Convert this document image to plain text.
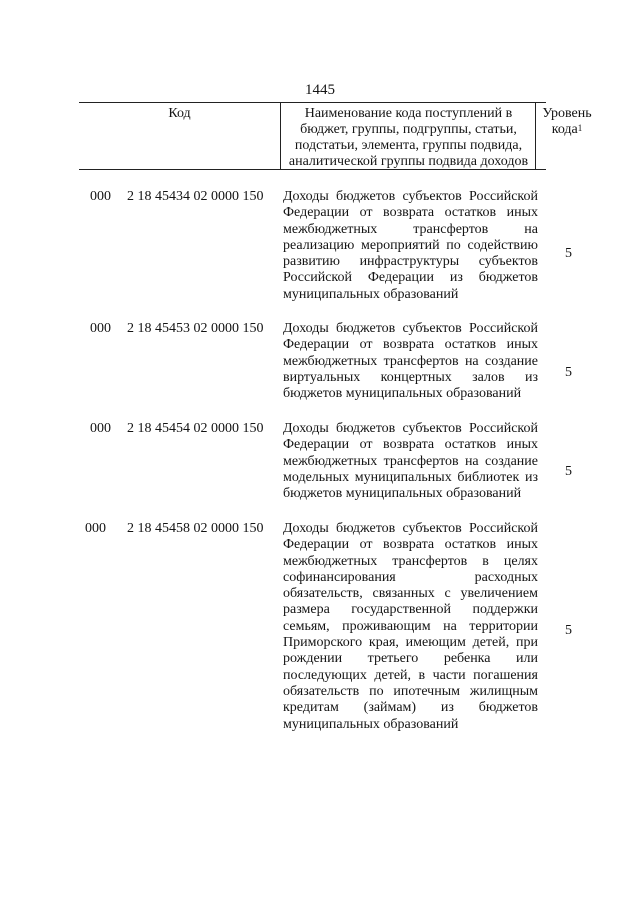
1445
Код	Наименование кода поступлений в бюджет, группы, подгруппы, статьи, подстатьи, элемента, группы подвида, аналитической группы подвида доходов
Уровень кода$^1$
000 2 18 45434 02 0000 150 Доходы бюджетов субъектов Российской Федерации от возврата остатков иных межбюджетных трансфертов на реализацию мероприятий по содействию развитию инфраструктуры субъектов Российской Федерации из бюджетов муниципальных образований
5
000 2 18 45453 02 0000 150 Доходы бюджетов субъектов Российской Федерации от возврата остатков иных межбюджетных трансфертов на создание виртуальных концертных залов из бюджетов муниципальных образований
5
000 2 18 45454 02 0000 150 Доходы бюджетов субъектов Российской Федерации от возврата остатков иных межбюджетных трансфертов на создание модельных муниципальных библиотек из бюджетов муниципальных образований
5
000 2 18 45458 02 0000 150 Доходы бюджетов субъектов Российской Федерации от возврата остатков иных межбюджетных трансфертов в целях софинансирования расходных обязательств, связанных с увеличением размера государственной поддержки семьям, проживающим на территории Приморского края, имеющим детей, при рождении третьего ребенка или последующих детей, в части погашения обязательств по ипотечным жилищным кредитам (займам) из бюджетов муниципальных образований
5
